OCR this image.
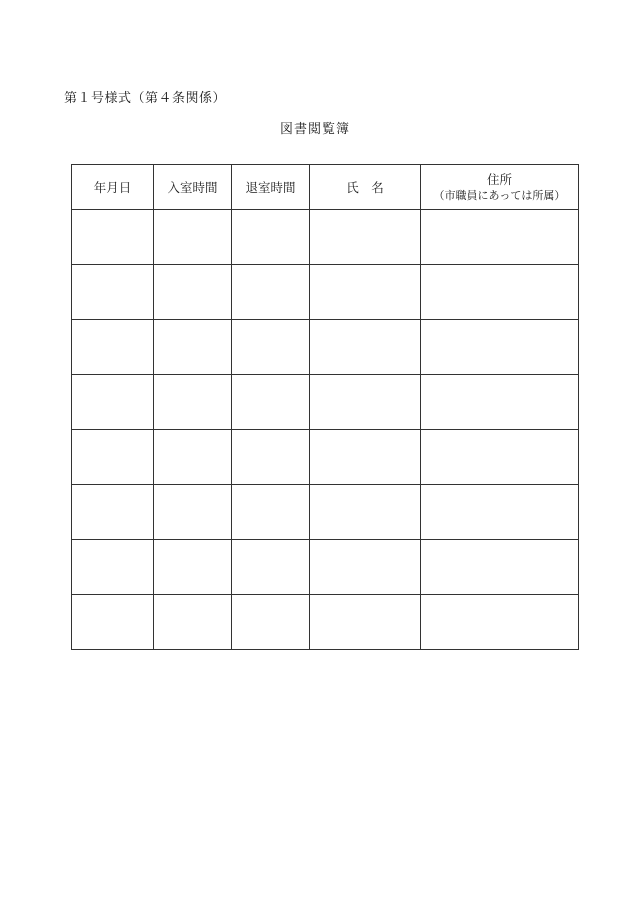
第１号様式（第４条関係）
図書閲覧簿
年月日	入室時間	退室時間	氏　名	住所
（市職員にあっては所属）
